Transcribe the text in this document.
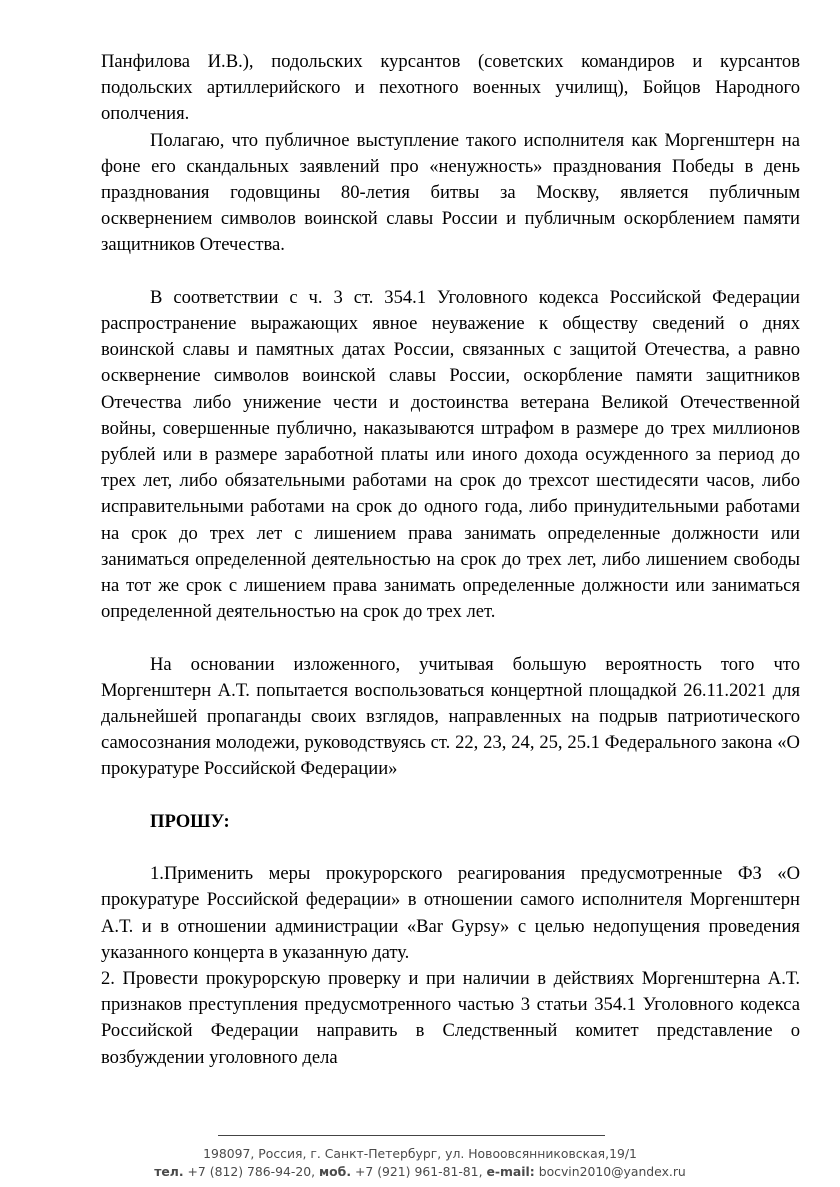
Панфилова И.В.), подольских курсантов (советских командиров и курсантов подольских артиллерийского и пехотного военных училищ), Бойцов Народного ополчения.

Полагаю, что публичное выступление такого исполнителя как Моргенштерн на фоне его скандальных заявлений про «ненужность» празднования Победы в день празднования годовщины 80-летия битвы за Москву, является публичным осквернением символов воинской славы России и публичным оскорблением памяти защитников Отечества.

В соответствии с ч. 3 ст. 354.1 Уголовного кодекса Российской Федерации распространение выражающих явное неуважение к обществу сведений о днях воинской славы и памятных датах России, связанных с защитой Отечества, а равно осквернение символов воинской славы России, оскорбление памяти защитников Отечества либо унижение чести и достоинства ветерана Великой Отечественной войны, совершенные публично, наказываются штрафом в размере до трех миллионов рублей или в размере заработной платы или иного дохода осужденного за период до трех лет, либо обязательными работами на срок до трехсот шестидесяти часов, либо исправительными работами на срок до одного года, либо принудительными работами на срок до трех лет с лишением права занимать определенные должности или заниматься определенной деятельностью на срок до трех лет, либо лишением свободы на тот же срок с лишением права занимать определенные должности или заниматься определенной деятельностью на срок до трех лет.

На основании изложенного, учитывая большую вероятность того что Моргенштерн А.Т. попытается воспользоваться концертной площадкой 26.11.2021 для дальнейшей пропаганды своих взглядов, направленных на подрыв патриотического самосознания молодежи, руководствуясь ст. 22, 23, 24, 25, 25.1 Федерального закона «О прокуратуре Российской Федерации»

ПРОШУ:

1.Применить меры прокурорского реагирования предусмотренные ФЗ «О прокуратуре Российской федерации» в отношении самого исполнителя Моргенштерн А.Т. и в отношении администрации «Bar Gypsy» с целью недопущения проведения указанного концерта в указанную дату.

2. Провести прокурорскую проверку и при наличии в действиях Моргенштерна А.Т. признаков преступления предусмотренного частью 3 статьи 354.1 Уголовного кодекса Российской Федерации направить в Следственный комитет представление о возбуждении уголовного дела

198097, Россия, г. Санкт-Петербург, ул. Новоовсянниковская,19/1
тел. +7 (812) 786-94-20, моб. +7 (921) 961-81-81, e-mail: bocvin2010@yandex.ru
